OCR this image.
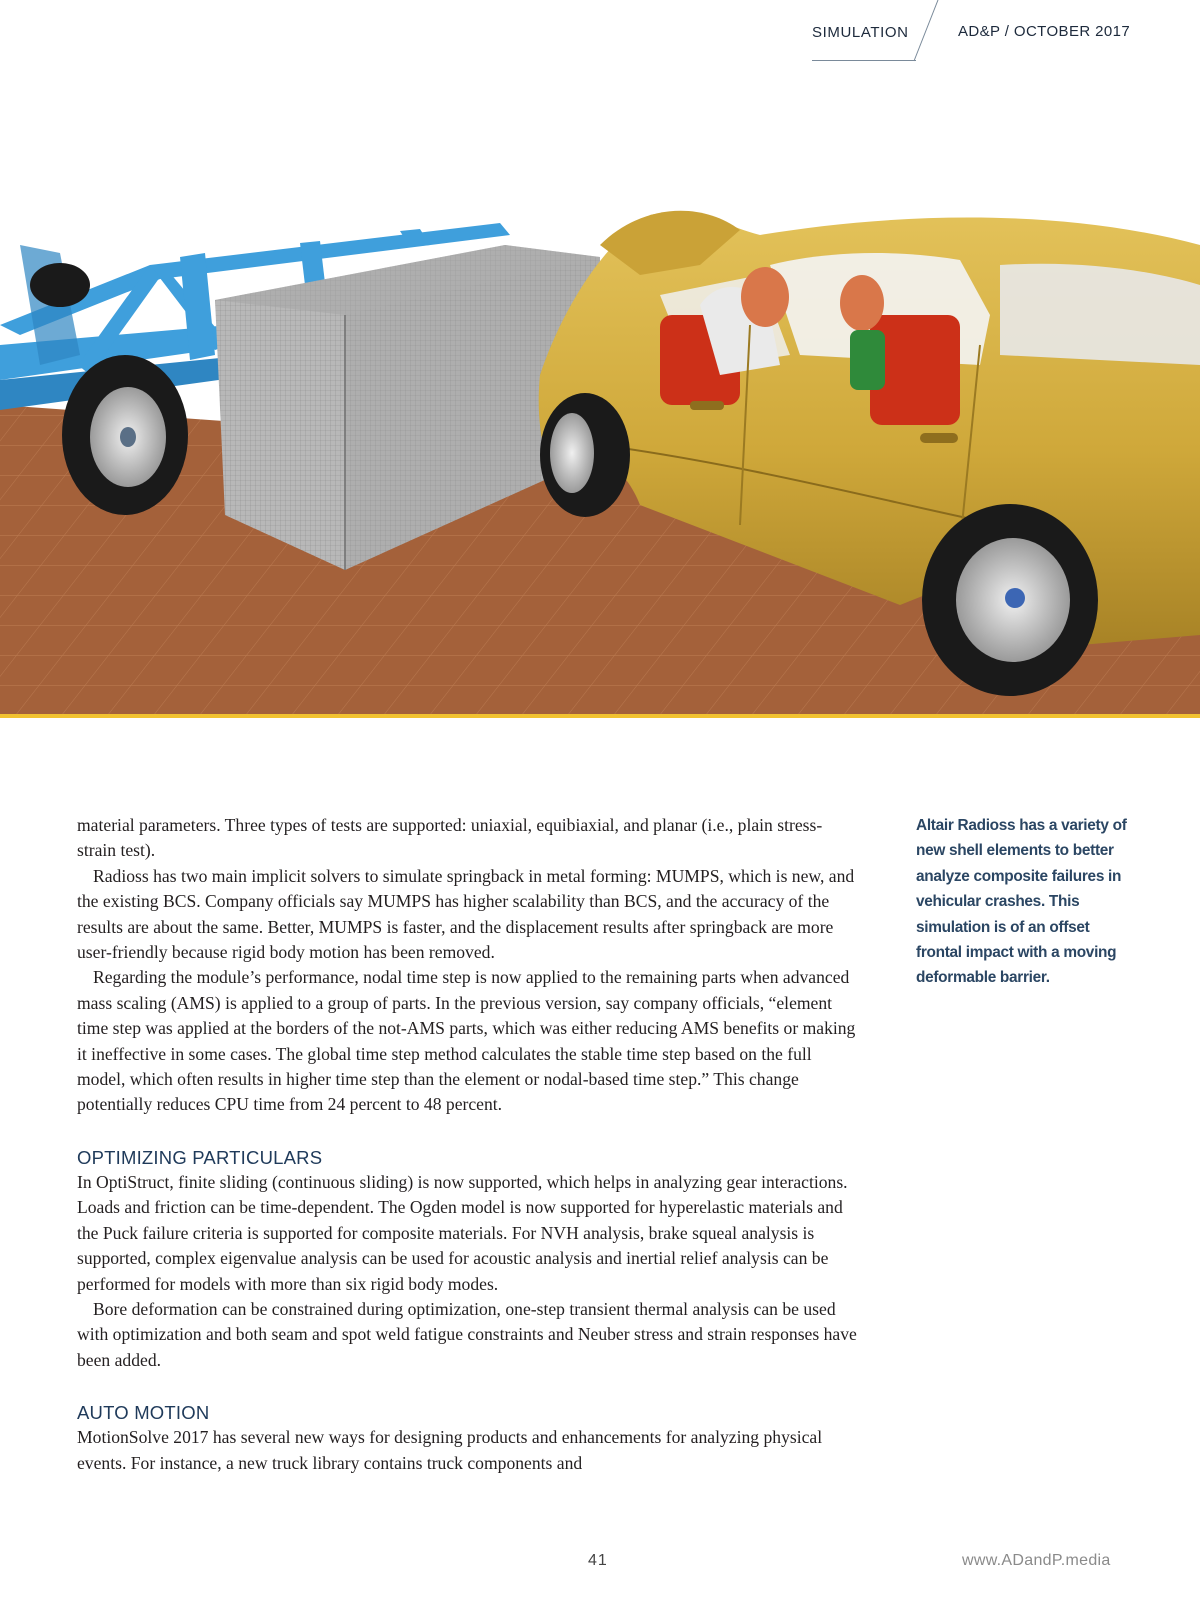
SIMULATION	AD&P / OCTOBER 2017

material parameters. Three types of tests are supported: uniaxial, equibiaxial, and planar (i.e., plain stress-strain test).

Radioss has two main implicit solvers to simulate springback in metal forming: MUMPS, which is new, and the existing BCS. Company officials say MUMPS has higher scalability than BCS, and the accuracy of the results are about the same. Better, MUMPS is faster, and the displacement results after springback are more user-friendly because rigid body motion has been removed.

Regarding the module’s performance, nodal time step is now applied to the remaining parts when advanced mass scaling (AMS) is applied to a group of parts. In the previous version, say company officials, “element time step was applied at the borders of the not-AMS parts, which was either reducing AMS benefits or making it ineffective in some cases. The global time step method calculates the stable time step based on the full model, which often results in higher time step than the element or nodal-based time step.” This change potentially reduces CPU time from 24 percent to 48 percent.

OPTIMIZING PARTICULARS

In OptiStruct, finite sliding (continuous sliding) is now supported, which helps in analyzing gear interactions. Loads and friction can be time-dependent. The Ogden model is now supported for hyperelastic materials and the Puck failure criteria is supported for composite materials. For NVH analysis, brake squeal analysis is supported, complex eigenvalue analysis can be used for acoustic analysis and inertial relief analysis can be performed for models with more than six rigid body modes.

Bore deformation can be constrained during optimization, one-step transient thermal analysis can be used with optimization and both seam and spot weld fatigue constraints and Neuber stress and strain responses have been added.

AUTO MOTION

MotionSolve 2017 has several new ways for designing products and enhancements for analyzing physical events. For instance, a new truck library contains truck components and

Altair Radioss has a variety of new shell elements to better analyze composite failures in vehicular crashes. This simulation is of an offset frontal impact with a moving deformable barrier.
41	www.ADandP.media
